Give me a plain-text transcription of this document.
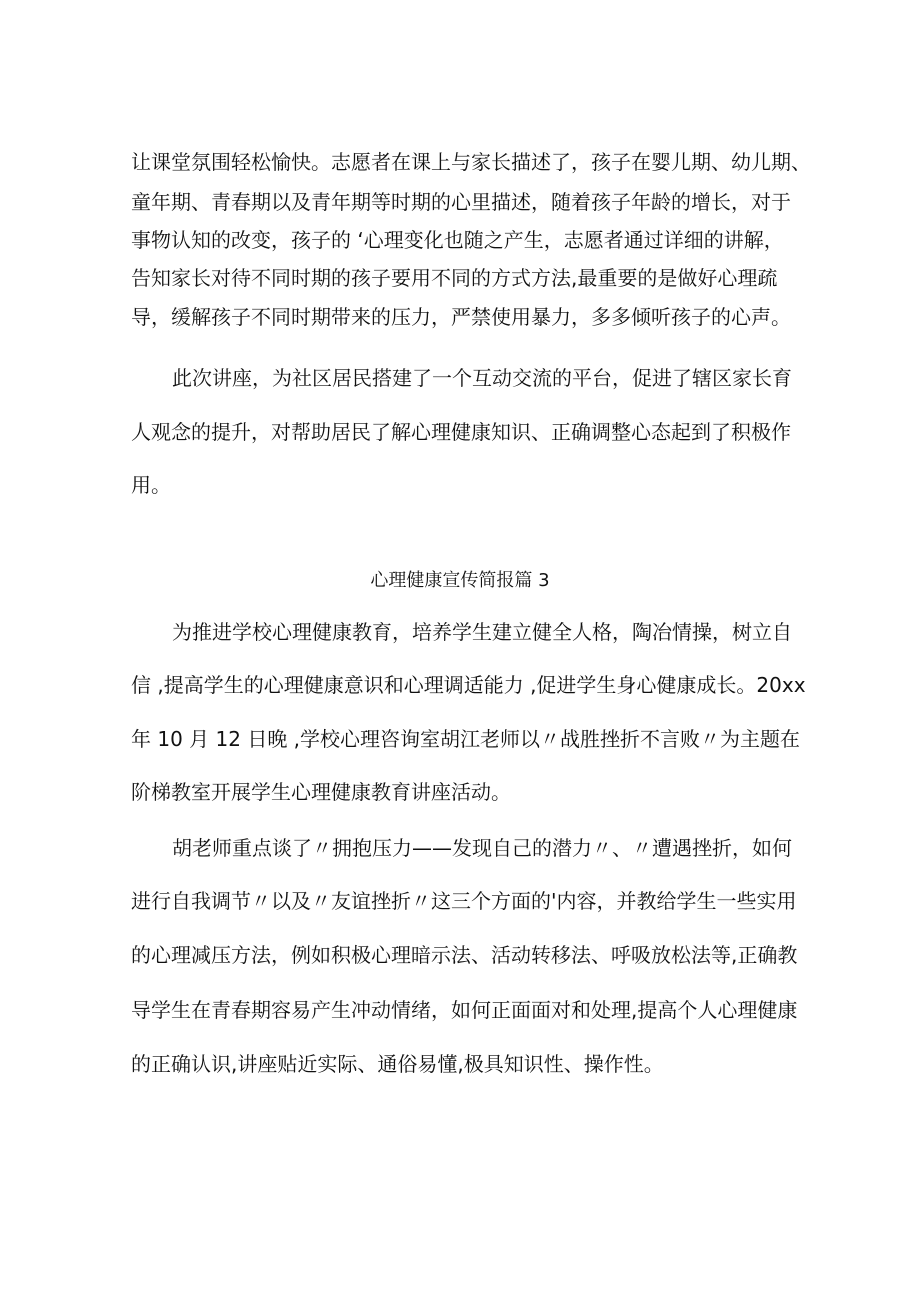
让课堂氛围轻松愉快。志愿者在课上与家长描述了，孩子在婴儿期、幼儿期、
童年期、青春期以及青年期等时期的心里描述，随着孩子年龄的增长，对于
事物认知的改变，孩子的 ‘心理变化也随之产生，志愿者通过详细的讲解，
告知家长对待不同时期的孩子要用不同的方式方法,最重要的是做好心理疏
导，缓解孩子不同时期带来的压力，严禁使用暴力，多多倾听孩子的心声。
此次讲座，为社区居民搭建了一个互动交流的平台，促进了辖区家长育
人观念的提升，对帮助居民了解心理健康知识、正确调整心态起到了积极作
用。
心理健康宣传简报篇 3
为推进学校心理健康教育，培养学生建立健全人格，陶冶情操，树立自
信 ,提高学生的心理健康意识和心理调适能力 ,促进学生身心健康成长。20xx
年 10 月 12 日晚 ,学校心理咨询室胡江老师以〃战胜挫折不言败〃为主题在
阶梯教室开展学生心理健康教育讲座活动。
胡老师重点谈了〃拥抱压力——发现自己的潜力〃、〃遭遇挫折，如何
进行自我调节〃以及〃友谊挫折〃这三个方面的'内容，并教给学生一些实用
的心理减压方法，例如积极心理暗示法、活动转移法、呼吸放松法等,正确教
导学生在青春期容易产生冲动情绪，如何正面面对和处理,提高个人心理健康
的正确认识,讲座贴近实际、通俗易懂,极具知识性、操作性。
